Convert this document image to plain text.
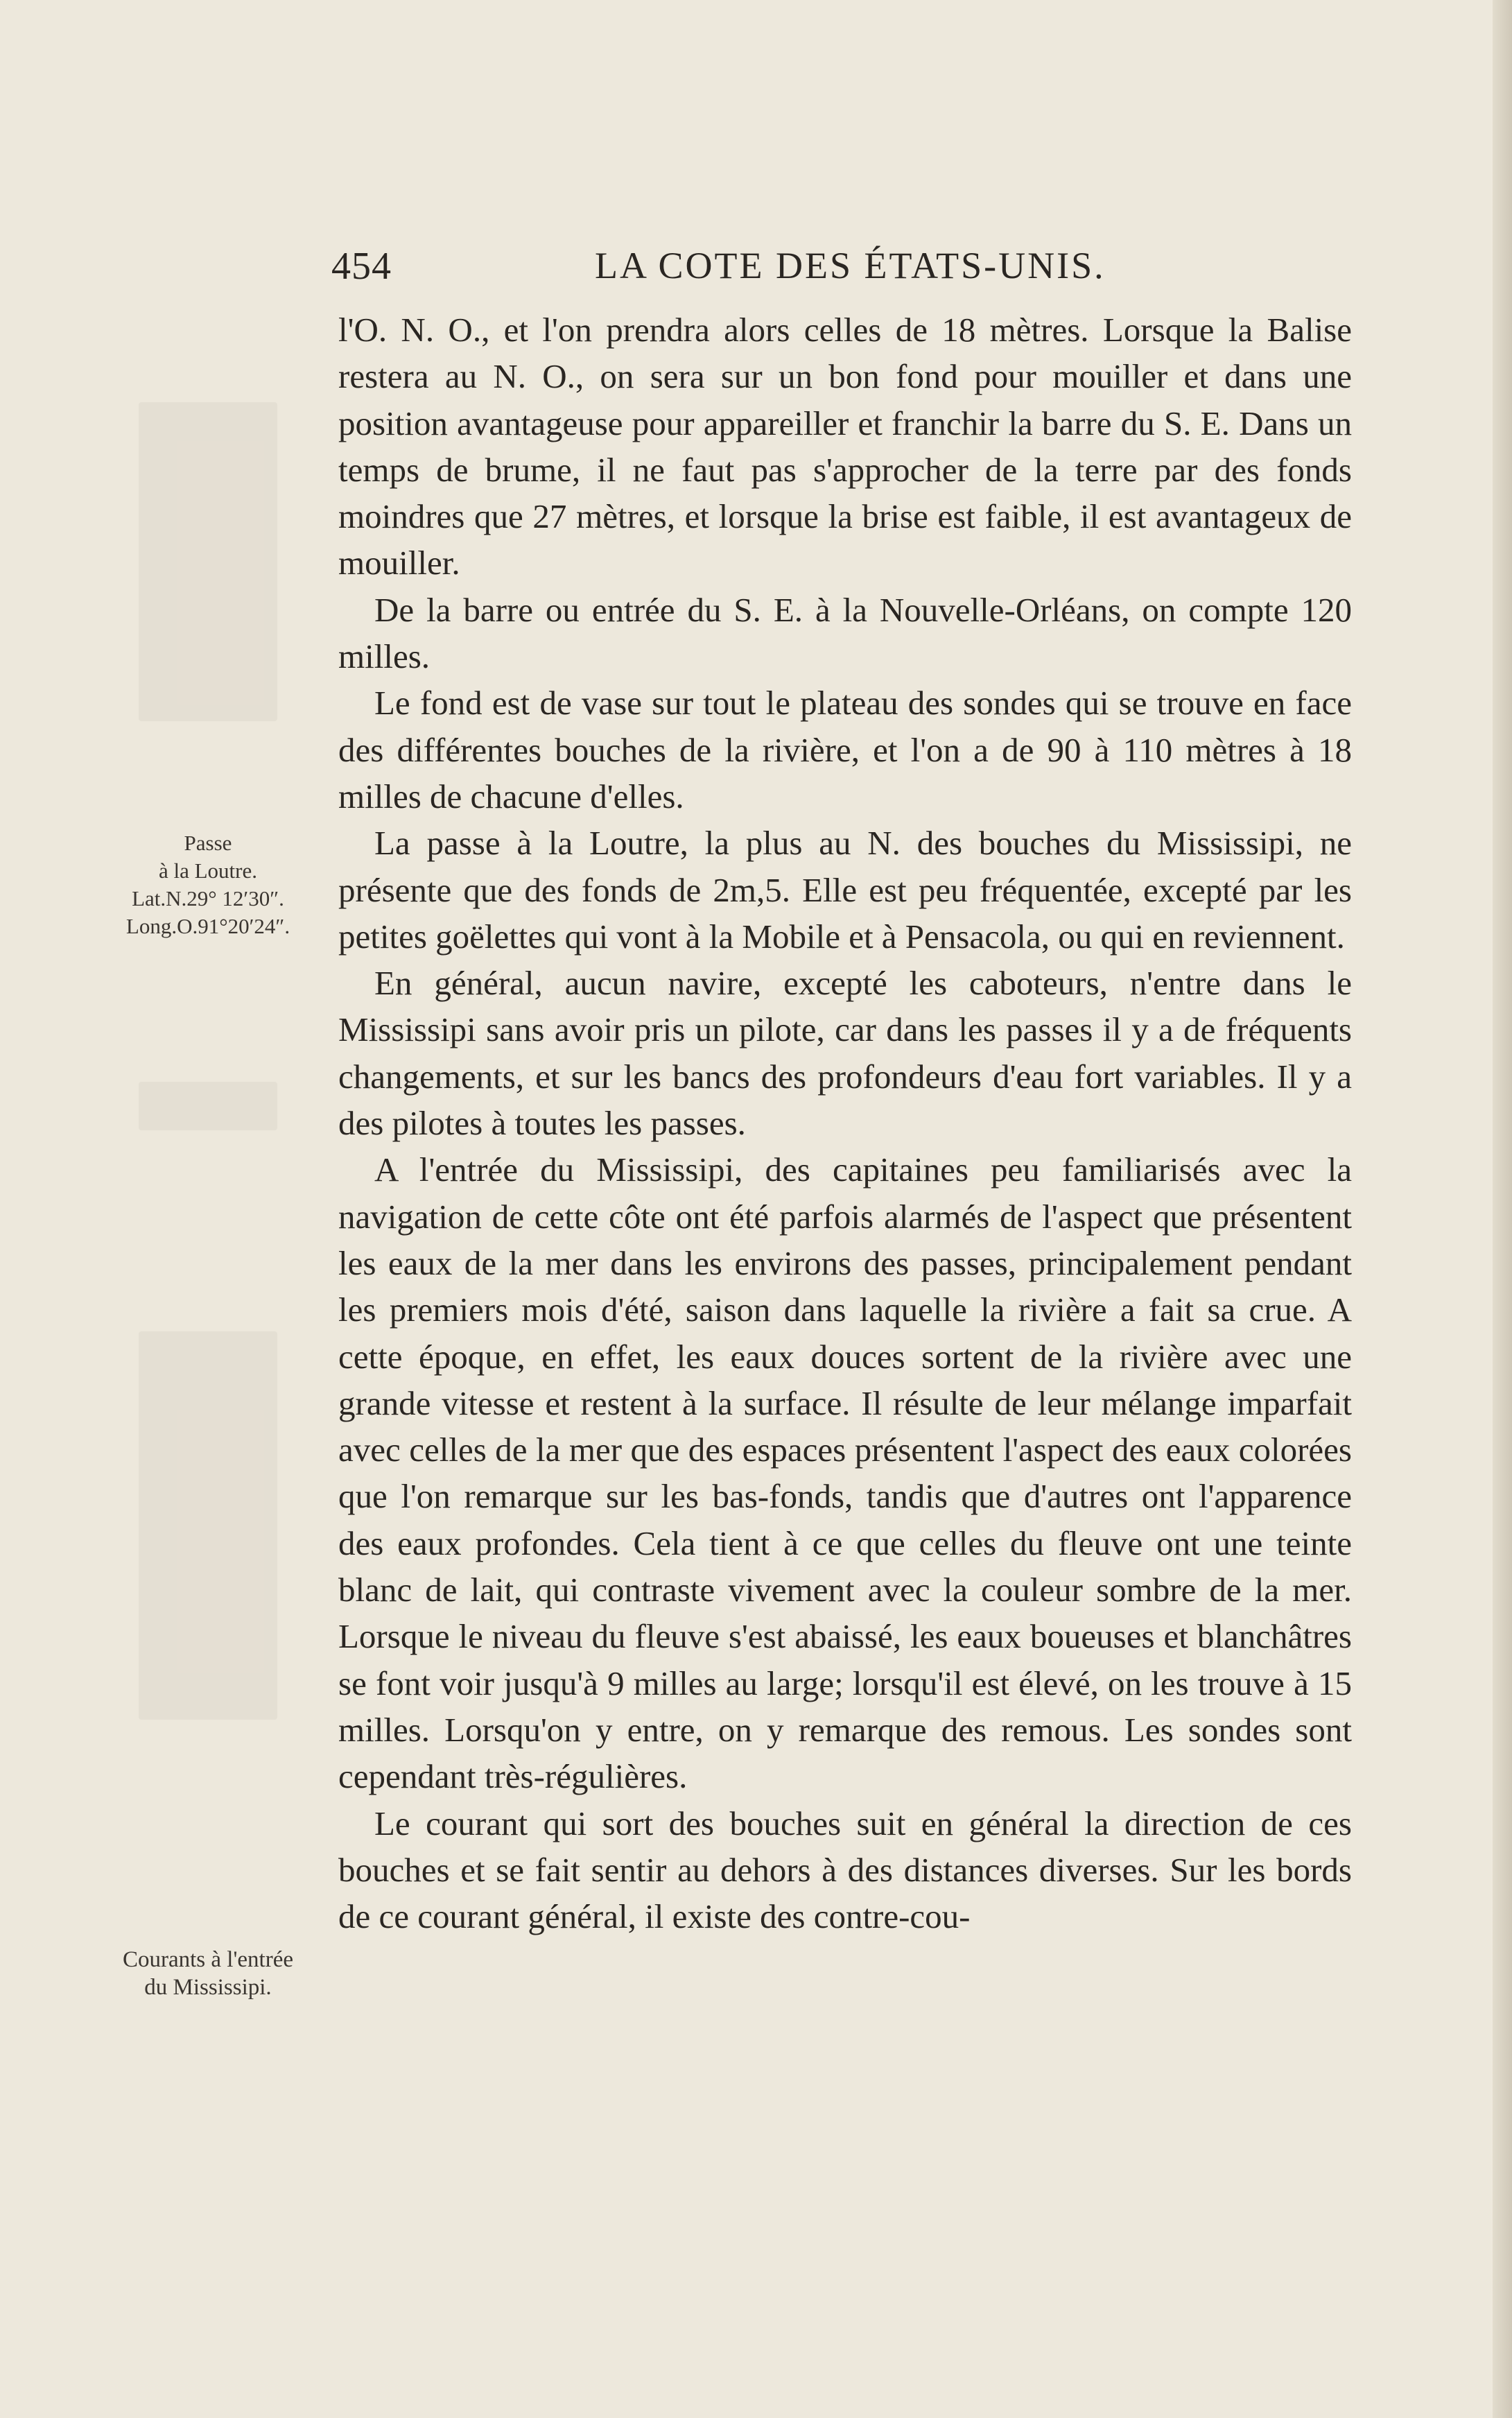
454	LA COTE DES ÉTATS-UNIS.
Passe
à la Loutre.
Lat.N.29° 12′30″.
Long.O.91°20′24″.
Courants à l'entrée
du Mississipi.

l'O. N. O., et l'on prendra alors celles de 18 mètres. Lorsque la Balise restera au N. O., on sera sur un bon fond pour mouiller et dans une position avantageuse pour appareiller et franchir la barre du S. E. Dans un temps de brume, il ne faut pas s'approcher de la terre par des fonds moindres que 27 mètres, et lorsque la brise est faible, il est avantageux de mouiller.

De la barre ou entrée du S. E. à la Nouvelle-Orléans, on compte 120 milles.

Le fond est de vase sur tout le plateau des sondes qui se trouve en face des différentes bouches de la rivière, et l'on a de 90 à 110 mètres à 18 milles de chacune d'elles.

La passe à la Loutre, la plus au N. des bouches du Mississipi, ne présente que des fonds de 2m,5. Elle est peu fréquentée, excepté par les petites goëlettes qui vont à la Mobile et à Pensacola, ou qui en reviennent.

En général, aucun navire, excepté les caboteurs, n'entre dans le Mississipi sans avoir pris un pilote, car dans les passes il y a de fréquents changements, et sur les bancs des profondeurs d'eau fort variables. Il y a des pilotes à toutes les passes.

A l'entrée du Mississipi, des capitaines peu familiarisés avec la navigation de cette côte ont été parfois alarmés de l'aspect que présentent les eaux de la mer dans les environs des passes, principalement pendant les premiers mois d'été, saison dans laquelle la rivière a fait sa crue. A cette époque, en effet, les eaux douces sortent de la rivière avec une grande vitesse et restent à la surface. Il résulte de leur mélange imparfait avec celles de la mer que des espaces présentent l'aspect des eaux colorées que l'on remarque sur les bas-fonds, tandis que d'autres ont l'apparence des eaux profondes. Cela tient à ce que celles du fleuve ont une teinte blanc de lait, qui contraste vivement avec la couleur sombre de la mer. Lorsque le niveau du fleuve s'est abaissé, les eaux boueuses et blanchâtres se font voir jusqu'à 9 milles au large; lorsqu'il est élevé, on les trouve à 15 milles. Lorsqu'on y entre, on y remarque des remous. Les sondes sont cependant très-régulières.

Le courant qui sort des bouches suit en général la direction de ces bouches et se fait sentir au dehors à des distances diverses. Sur les bords de ce courant général, il existe des contre-cou-
